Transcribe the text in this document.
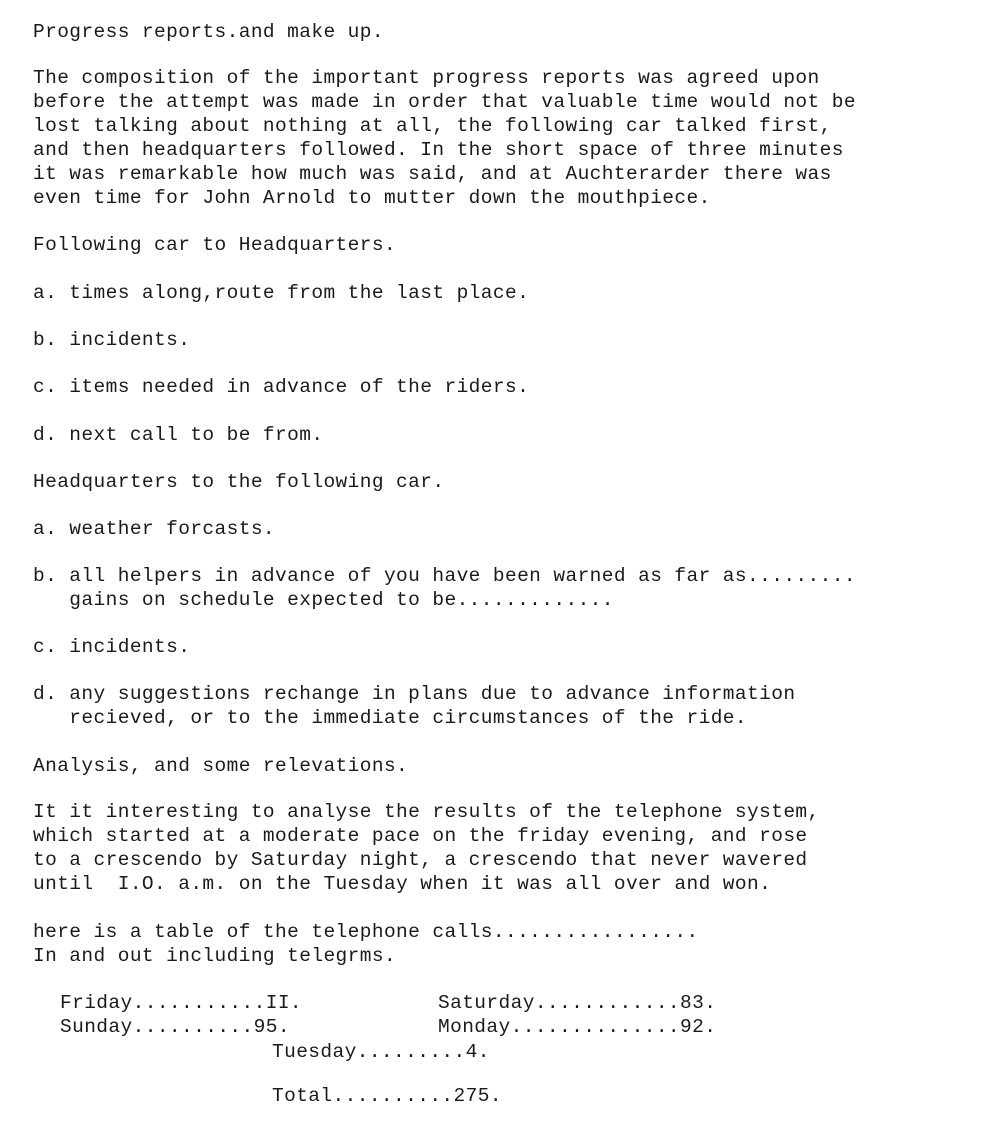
Progress reports.and make up.

The composition of the important progress reports was agreed upon

before the attempt was made in order that valuable time would not be

lost talking about nothing at all, the following car talked first,

and then headquarters followed. In the short space of three minutes

it was remarkable how much was said, and at Auchterarder there was

even time for John Arnold to mutter down the mouthpiece.

Following car to Headquarters.

a. times along,route from the last place.

b. incidents.

c. items needed in advance of the riders.

d. next call to be from.

Headquarters to the following car.

a. weather forcasts.

b. all helpers in advance of you have been warned as far as.........

gains on schedule expected to be.............

c. incidents.

d. any suggestions rechange in plans due to advance information

recieved, or to the immediate circumstances of the ride.

Analysis, and some relevations.

It it interesting to analyse the results of the telephone system,

which started at a moderate pace on the friday evening, and rose

to a crescendo by Saturday night, a crescendo that never wavered

until  I.O. a.m. on the Tuesday when it was all over and won.

here is a table of the telephone calls.................

In and out including telegrms.

Friday...........II.	Saturday............83.

Sunday..........95.	Monday..............92.

Tuesday.........4.

Total..........275.
